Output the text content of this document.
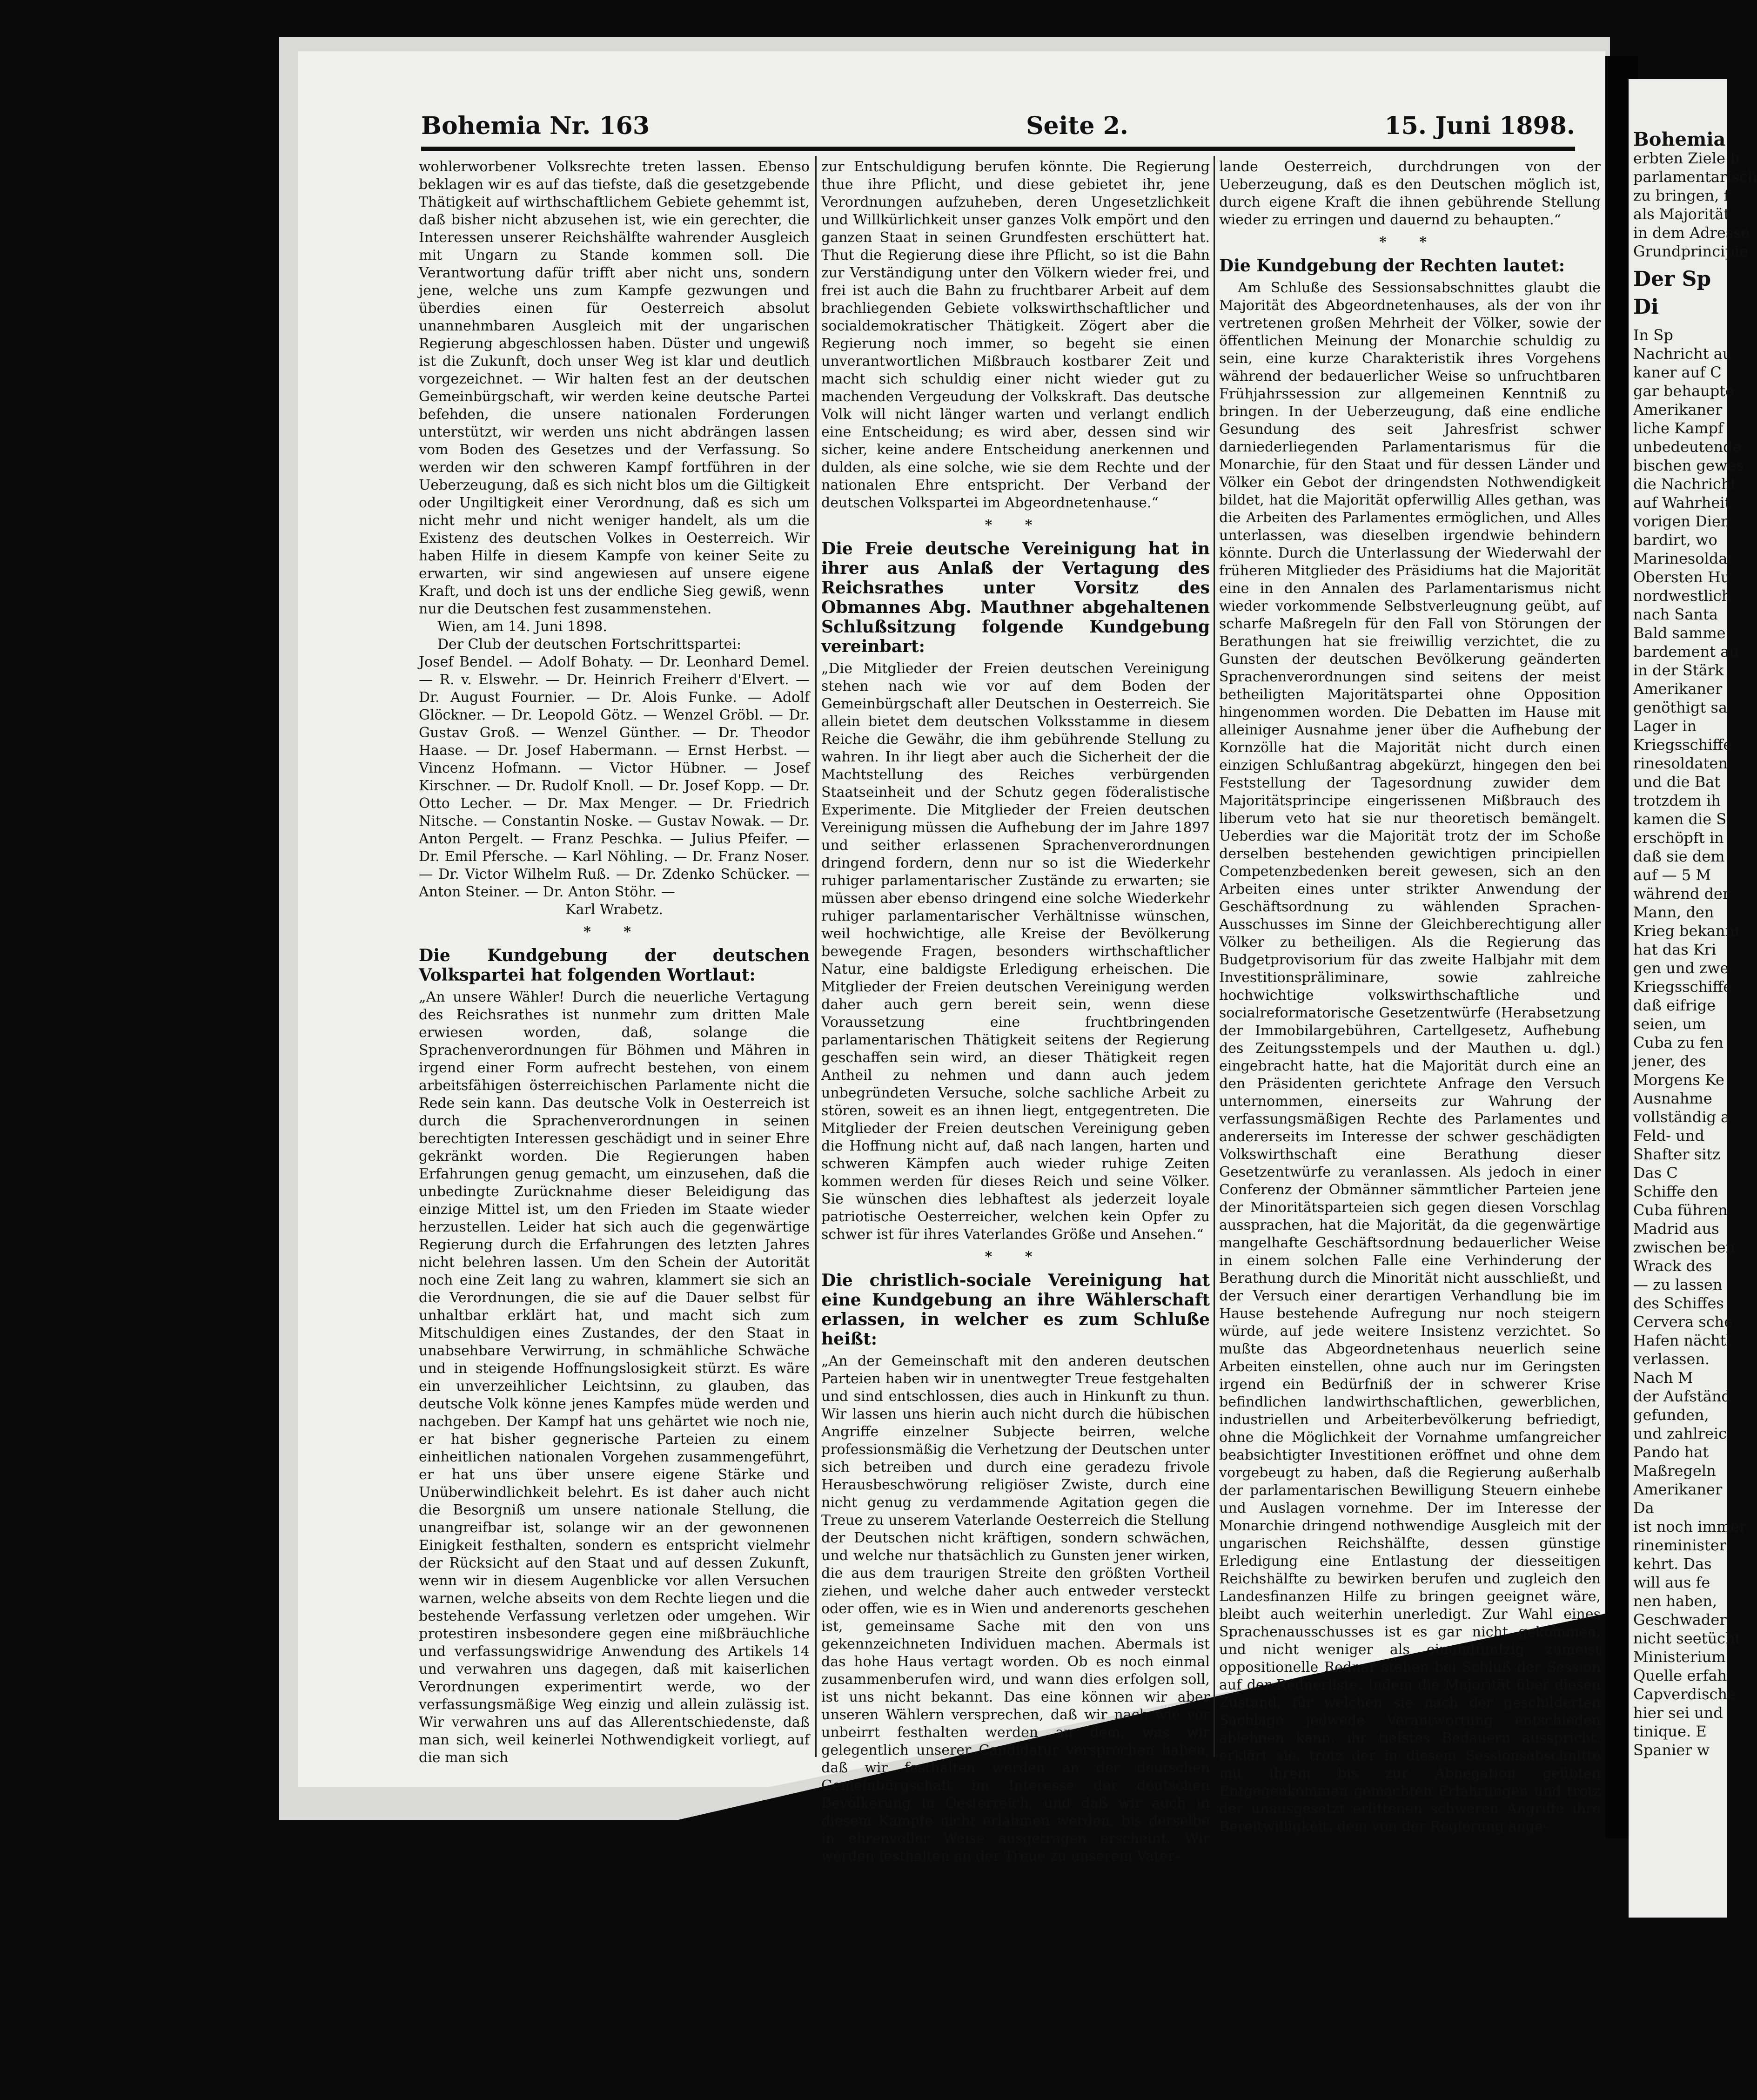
Bohemia
erbten Ziele b
parlamentarisch
zu bringen, f
als Majorität
in dem Adresse
Grundprincipie
Der Sp
Di
In Sp
Nachricht au
kaner auf C
gar behaupte
Amerikaner
liche Kampf
unbedeutende
bischen gewes
die Nachricht
auf Wahrheit
vorigen Dien
bardirt, wo
Marinesoldat
Obersten Hu
nordwestlich
nach Santa
Bald samme
bardement au
in der Stärk
Amerikaner
genöthigt sa
Lager in
Kriegsschiffe
rinesoldaten
und die Bat
trotzdem ih
kamen die S
erschöpft in
daß sie dem
auf — 5 M
während der
Mann, den
Krieg bekannt
hat das Kri
gen und zwe
Kriegsschiffe
daß eifrige
seien, um
Cuba zu fen
jener, des
Morgens Ke
Ausnahme
vollständig a
Feld- und
Shafter sitz
Das C
Schiffe den
Cuba führen
Madrid aus
zwischen ben
Wrack des
— zu lassen
des Schiffes
Cervera sche
Hafen nächtl
verlassen.
Nach M
der Aufständ
gefunden,
und zahlreic
Pando hat
Maßregeln
Amerikaner
Da
ist noch immer
rineminister
kehrt. Das
will aus fe
nen haben,
Geschwader
nicht seetücht
Ministerium
Quelle erfah
Capverdische
hier sei und
tinique. E
Spanier w
Bohemia Nr. 163	Seite 2.	15. Juni 1898.

wohlerworbener Volksrechte treten lassen. Ebenso beklagen wir es auf das tiefste, daß die gesetzgebende Thätigkeit auf wirthschaftlichem Gebiete gehemmt ist, daß bisher nicht abzusehen ist, wie ein gerechter, die Interessen unserer Reichshälfte wahrender Ausgleich mit Ungarn zu Stande kommen soll. Die Verantwortung dafür trifft aber nicht uns, sondern jene, welche uns zum Kampfe gezwungen und überdies einen für Oesterreich absolut unannehmbaren Ausgleich mit der ungarischen Regierung abgeschlossen haben. Düster und ungewiß ist die Zukunft, doch unser Weg ist klar und deutlich vorgezeichnet. — Wir halten fest an der deutschen Gemeinbürgschaft, wir werden keine deutsche Partei befehden, die unsere nationalen Forderungen unterstützt, wir werden uns nicht abdrängen lassen vom Boden des Gesetzes und der Verfassung. So werden wir den schweren Kampf fortführen in der Ueberzeugung, daß es sich nicht blos um die Giltigkeit oder Ungiltigkeit einer Verordnung, daß es sich um nicht mehr und nicht weniger handelt, als um die Existenz des deutschen Volkes in Oesterreich. Wir haben Hilfe in diesem Kampfe von keiner Seite zu erwarten, wir sind angewiesen auf unsere eigene Kraft, und doch ist uns der endliche Sieg gewiß, wenn nur die Deutschen fest zusammenstehen.

Wien, am 14. Juni 1898.

Der Club der deutschen Fortschrittspartei:

Josef Bendel. — Adolf Bohaty. — Dr. Leonhard Demel. — R. v. Elswehr. — Dr. Heinrich Freiherr d'Elvert. — Dr. August Fournier. — Dr. Alois Funke. — Adolf Glöckner. — Dr. Leopold Götz. — Wenzel Gröbl. — Dr. Gustav Groß. — Wenzel Günther. — Dr. Theodor Haase. — Dr. Josef Habermann. — Ernst Herbst. — Vincenz Hofmann. — Victor Hübner. — Josef Kirschner. — Dr. Rudolf Knoll. — Dr. Josef Kopp. — Dr. Otto Lecher. — Dr. Max Menger. — Dr. Friedrich Nitsche. — Constantin Noske. — Gustav Nowak. — Dr. Anton Pergelt. — Franz Peschka. — Julius Pfeifer. — Dr. Emil Pfersche. — Karl Nöhling. — Dr. Franz Noser. — Dr. Victor Wilhelm Ruß. — Dr. Zdenko Schücker. — Anton Steiner. — Dr. Anton Stöhr. —

Karl Wrabetz.

* *

Die Kundgebung der deutschen Volkspartei hat folgenden Wortlaut:

„An unsere Wähler! Durch die neuerliche Vertagung des Reichsrathes ist nunmehr zum dritten Male erwiesen worden, daß, solange die Sprachenverordnungen für Böhmen und Mähren in irgend einer Form aufrecht bestehen, von einem arbeitsfähigen österreichischen Parlamente nicht die Rede sein kann. Das deutsche Volk in Oesterreich ist durch die Sprachenverordnungen in seinen berechtigten Interessen geschädigt und in seiner Ehre gekränkt worden. Die Regierungen haben Erfahrungen genug gemacht, um einzusehen, daß die unbedingte Zurücknahme dieser Beleidigung das einzige Mittel ist, um den Frieden im Staate wieder herzustellen. Leider hat sich auch die gegenwärtige Regierung durch die Erfahrungen des letzten Jahres nicht belehren lassen. Um den Schein der Autorität noch eine Zeit lang zu wahren, klammert sie sich an die Verordnungen, die sie auf die Dauer selbst für unhaltbar erklärt hat, und macht sich zum Mitschuldigen eines Zustandes, der den Staat in unabsehbare Verwirrung, in schmähliche Schwäche und in steigende Hoffnungslosigkeit stürzt. Es wäre ein unverzeihlicher Leichtsinn, zu glauben, das deutsche Volk könne jenes Kampfes müde werden und nachgeben. Der Kampf hat uns gehärtet wie noch nie, er hat bisher gegnerische Parteien zu einem einheitlichen nationalen Vorgehen zusammengeführt, er hat uns über unsere eigene Stärke und Unüberwindlichkeit belehrt. Es ist daher auch nicht die Besorgniß um unsere nationale Stellung, die unangreifbar ist, solange wir an der gewonnenen Einigkeit festhalten, sondern es entspricht vielmehr der Rücksicht auf den Staat und auf dessen Zukunft, wenn wir in diesem Augenblicke vor allen Versuchen warnen, welche abseits von dem Rechte liegen und die bestehende Verfassung verletzen oder umgehen. Wir protestiren insbesondere gegen eine mißbräuchliche und verfassungswidrige Anwendung des Artikels 14 und verwahren uns dagegen, daß mit kaiserlichen Verordnungen experimentirt werde, wo der verfassungsmäßige Weg einzig und allein zulässig ist. Wir verwahren uns auf das Allerentschiedenste, daß man sich, weil keinerlei Nothwendigkeit vorliegt, auf die man sich

zur Entschuldigung berufen könnte. Die Regierung thue ihre Pflicht, und diese gebietet ihr, jene Verordnungen aufzuheben, deren Ungesetzlichkeit und Willkürlichkeit unser ganzes Volk empört und den ganzen Staat in seinen Grundfesten erschüttert hat. Thut die Regierung diese ihre Pflicht, so ist die Bahn zur Verständigung unter den Völkern wieder frei, und frei ist auch die Bahn zu fruchtbarer Arbeit auf dem brachliegenden Gebiete volkswirthschaftlicher und socialdemokratischer Thätigkeit. Zögert aber die Regierung noch immer, so begeht sie einen unverantwortlichen Mißbrauch kostbarer Zeit und macht sich schuldig einer nicht wieder gut zu machenden Vergeudung der Volkskraft. Das deutsche Volk will nicht länger warten und verlangt endlich eine Entscheidung; es wird aber, dessen sind wir sicher, keine andere Entscheidung anerkennen und dulden, als eine solche, wie sie dem Rechte und der nationalen Ehre entspricht. Der Verband der deutschen Volkspartei im Abgeordnetenhause.“

* *

Die Freie deutsche Vereinigung hat in ihrer aus Anlaß der Vertagung des Reichsrathes unter Vorsitz des Obmannes Abg. Mauthner abgehaltenen Schlußsitzung folgende Kundgebung vereinbart:

„Die Mitglieder der Freien deutschen Vereinigung stehen nach wie vor auf dem Boden der Gemeinbürgschaft aller Deutschen in Oesterreich. Sie allein bietet dem deutschen Volksstamme in diesem Reiche die Gewähr, die ihm gebührende Stellung zu wahren. In ihr liegt aber auch die Sicherheit der die Machtstellung des Reiches verbürgenden Staatseinheit und der Schutz gegen föderalistische Experimente. Die Mitglieder der Freien deutschen Vereinigung müssen die Aufhebung der im Jahre 1897 und seither erlassenen Sprachenverordnungen dringend fordern, denn nur so ist die Wiederkehr ruhiger parlamentarischer Zustände zu erwarten; sie müssen aber ebenso dringend eine solche Wiederkehr ruhiger parlamentarischer Verhältnisse wünschen, weil hochwichtige, alle Kreise der Bevölkerung bewegende Fragen, besonders wirthschaftlicher Natur, eine baldigste Erledigung erheischen. Die Mitglieder der Freien deutschen Vereinigung werden daher auch gern bereit sein, wenn diese Voraussetzung eine fruchtbringenden parlamentarischen Thätigkeit seitens der Regierung geschaffen sein wird, an dieser Thätigkeit regen Antheil zu nehmen und dann auch jedem unbegründeten Versuche, solche sachliche Arbeit zu stören, soweit es an ihnen liegt, entgegentreten. Die Mitglieder der Freien deutschen Vereinigung geben die Hoffnung nicht auf, daß nach langen, harten und schweren Kämpfen auch wieder ruhige Zeiten kommen werden für dieses Reich und seine Völker. Sie wünschen dies lebhaftest als jederzeit loyale patriotische Oesterreicher, welchen kein Opfer zu schwer ist für ihres Vaterlandes Größe und Ansehen.“

* *

Die christlich-sociale Vereinigung hat eine Kundgebung an ihre Wählerschaft erlassen, in welcher es zum Schluße heißt:

„An der Gemeinschaft mit den anderen deutschen Parteien haben wir in unentwegter Treue festgehalten und sind entschlossen, dies auch in Hinkunft zu thun. Wir lassen uns hierin auch nicht durch die hübischen Angriffe einzelner Subjecte beirren, welche professionsmäßig die Verhetzung der Deutschen unter sich betreiben und durch eine geradezu frivole Herausbeschwörung religiöser Zwiste, durch eine nicht genug zu verdammende Agitation gegen die Treue zu unserem Vaterlande Oesterreich die Stellung der Deutschen nicht kräftigen, sondern schwächen, und welche nur thatsächlich zu Gunsten jener wirken, die aus dem traurigen Streite den größten Vortheil ziehen, und welche daher auch entweder versteckt oder offen, wie es in Wien und anderenorts geschehen ist, gemeinsame Sache mit den von uns gekennzeichneten Individuen machen. Abermals ist das hohe Haus vertagt worden. Ob es noch einmal zusammenberufen wird, und wann dies erfolgen soll, ist uns nicht bekannt. Das eine können wir aber unseren Wählern versprechen, daß wir nach wie vor unbeirrt festhalten werden an dem, was wir gelegentlich unserer Candidatur versprochen haben, daß wir festhalten werden an der deutschen Gemeinbürgschaft im Interesse der deutschen Bevölkerung in Oesterreich, und daß wir auch in diesem Kampfe nicht erlahmen werden, bis derselbe in ehrenvoller Weise ausgetragen erscheint. Wir werden festhalten an der Treue zu unserem Vater-

lande Oesterreich, durchdrungen von der Ueberzeugung, daß es den Deutschen möglich ist, durch eigene Kraft die ihnen gebührende Stellung wieder zu erringen und dauernd zu behaupten.“

* *

Die Kundgebung der Rechten lautet:

Am Schluße des Sessionsabschnittes glaubt die Majorität des Abgeordnetenhauses, als der von ihr vertretenen großen Mehrheit der Völker, sowie der öffentlichen Meinung der Monarchie schuldig zu sein, eine kurze Charakteristik ihres Vorgehens während der bedauerlicher Weise so unfruchtbaren Frühjahrssession zur allgemeinen Kenntniß zu bringen. In der Ueberzeugung, daß eine endliche Gesundung des seit Jahresfrist schwer darniederliegenden Parlamentarismus für die Monarchie, für den Staat und für dessen Länder und Völker ein Gebot der dringendsten Nothwendigkeit bildet, hat die Majorität opferwillig Alles gethan, was die Arbeiten des Parlamentes ermöglichen, und Alles unterlassen, was dieselben irgendwie behindern könnte. Durch die Unterlassung der Wiederwahl der früheren Mitglieder des Präsidiums hat die Majorität eine in den Annalen des Parlamentarismus nicht wieder vorkommende Selbstverleugnung geübt, auf scharfe Maßregeln für den Fall von Störungen der Berathungen hat sie freiwillig verzichtet, die zu Gunsten der deutschen Bevölkerung geänderten Sprachenverordnungen sind seitens der meist betheiligten Majoritätspartei ohne Opposition hingenommen worden. Die Debatten im Hause mit alleiniger Ausnahme jener über die Aufhebung der Kornzölle hat die Majorität nicht durch einen einzigen Schlußantrag abgekürzt, hingegen den bei Feststellung der Tagesordnung zuwider dem Majoritätsprincipe eingerissenen Mißbrauch des liberum veto hat sie nur theoretisch bemängelt. Ueberdies war die Majorität trotz der im Schoße derselben bestehenden gewichtigen principiellen Competenzbedenken bereit gewesen, sich an den Arbeiten eines unter strikter Anwendung der Geschäftsordnung zu wählenden Sprachen-Ausschusses im Sinne der Gleichberechtigung aller Völker zu betheiligen. Als die Regierung das Budgetprovisorium für das zweite Halbjahr mit dem Investitionspräliminare, sowie zahlreiche hochwichtige volkswirthschaftliche und socialreformatorische Gesetzentwürfe (Herabsetzung der Immobilargebühren, Cartellgesetz, Aufhebung des Zeitungsstempels und der Mauthen u. dgl.) eingebracht hatte, hat die Majorität durch eine an den Präsidenten gerichtete Anfrage den Versuch unternommen, einerseits zur Wahrung der verfassungsmäßigen Rechte des Parlamentes und andererseits im Interesse der schwer geschädigten Volkswirthschaft eine Berathung dieser Gesetzentwürfe zu veranlassen. Als jedoch in einer Conferenz der Obmänner sämmtlicher Parteien jene der Minoritätsparteien sich gegen diesen Vorschlag aussprachen, hat die Majorität, da die gegenwärtige mangelhafte Geschäftsordnung bedauerlicher Weise in einem solchen Falle eine Verhinderung der Berathung durch die Minorität nicht ausschließt, und der Versuch einer derartigen Verhandlung bie im Hause bestehende Aufregung nur noch steigern würde, auf jede weitere Insistenz verzichtet. So mußte das Abgeordnetenhaus neuerlich seine Arbeiten einstellen, ohne auch nur im Geringsten irgend ein Bedürfniß der in schwerer Krise befindlichen landwirthschaftlichen, gewerblichen, industriellen und Arbeiterbevölkerung befriedigt, ohne die Möglichkeit der Vornahme umfangreicher beabsichtigter Investitionen eröffnet und ohne dem vorgebeugt zu haben, daß die Regierung außerhalb der parlamentarischen Bewilligung Steuern einhebe und Auslagen vornehme. Der im Interesse der Monarchie dringend nothwendige Ausgleich mit der ungarischen Reichshälfte, dessen günstige Erledigung eine Entlastung der diesseitigen Reichshälfte zu bewirken berufen und zugleich den Landesfinanzen Hilfe zu bringen geeignet wäre, bleibt auch weiterhin unerledigt. Zur Wahl eines Sprachenausschusses ist es gar nicht gekommen, und nicht weniger als einundfünfzig, zumeist oppositionelle Redner stehen bei Schluß der Session auf der Rednerliste. Indem die Majorität über diesen Zustand, für welchen sie nach der geschilderten Sachlage jedwede Verantwortung entschieden ablehnen kann, ihr tiefstes Bedauern ausspricht, erklärt sie, trotz der in diesem Sessionsabschnitte mit ihrem bis zur Abnegation geübten Entgegenkommen gemachten Erfahrungen und trotz der unausgesetzt erlittenen schweren Angriffe ihre Bereitwilligkeit, dem von der Regierung ange-
